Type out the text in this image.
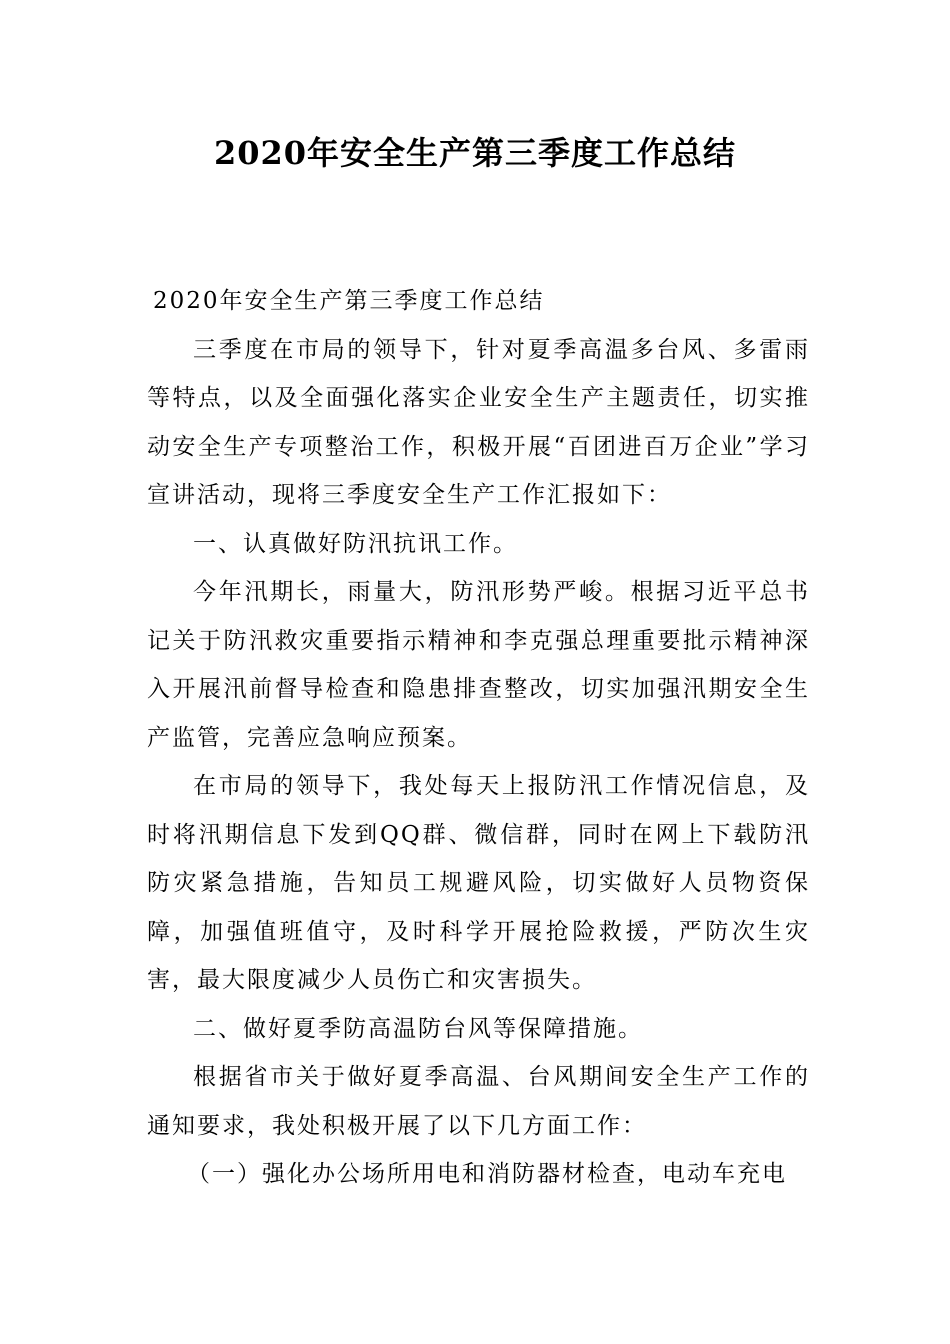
2020年安全生产第三季度工作总结

2020年安全生产第三季度工作总结

三季度在市局的领导下，针对夏季高温多台风、多雷雨等特点，以及全面强化落实企业安全生产主题责任，切实推动安全生产专项整治工作，积极开展“百团进百万企业”学习宣讲活动，现将三季度安全生产工作汇报如下：

一、认真做好防汛抗讯工作。

今年汛期长，雨量大，防汛形势严峻。根据习近平总书记关于防汛救灾重要指示精神和李克强总理重要批示精神深入开展汛前督导检查和隐患排查整改，切实加强汛期安全生产监管，完善应急响应预案。

在市局的领导下，我处每天上报防汛工作情况信息，及时将汛期信息下发到QQ群、微信群，同时在网上下载防汛防灾紧急措施，告知员工规避风险，切实做好人员物资保障，加强值班值守，及时科学开展抢险救援，严防次生灾害，最大限度减少人员伤亡和灾害损失。

二、做好夏季防高温防台风等保障措施。

根据省市关于做好夏季高温、台风期间安全生产工作的通知要求，我处积极开展了以下几方面工作：

（一）强化办公场所用电和消防器材检查，电动车充电
